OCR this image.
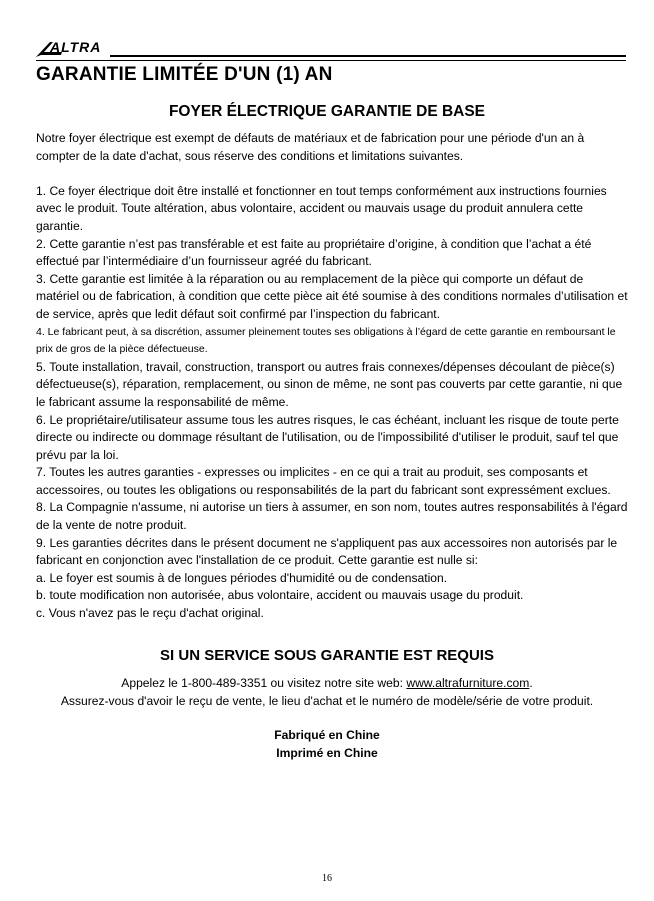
ALTRA
GARANTIE LIMITÉE D'UN (1) AN
FOYER ÉLECTRIQUE GARANTIE DE BASE

Notre foyer électrique est exempt de défauts de matériaux et de fabrication pour une période d'un an à compter de la date d'achat, sous réserve des conditions et limitations suivantes.

1. Ce foyer électrique doit être installé et fonctionner en tout temps conformément aux instructions fournies avec le produit. Toute altération, abus volontaire, accident ou mauvais usage du produit annulera cette garantie.

2. Cette garantie n’est pas transférable et est faite au propriétaire d’origine, à condition que l’achat a été effectué par l’intermédiaire d’un fournisseur agréé du fabricant.

3. Cette garantie est limitée à la réparation ou au remplacement de la pièce qui comporte un défaut de matériel ou de fabrication, à condition que cette pièce ait été soumise à des conditions normales d’utilisation et de service, après que ledit défaut soit confirmé par l’inspection du fabricant.

4. Le fabricant peut, à sa discrétion, assumer pleinement toutes ses obligations à l’égard de cette garantie en remboursant le prix de gros de la pièce défectueuse.

5. Toute installation, travail, construction, transport ou autres frais connexes/dépenses découlant de pièce(s) défectueuse(s), réparation, remplacement, ou sinon de même, ne sont pas couverts par cette garantie, ni que le fabricant assume la responsabilité de même.

6. Le propriétaire/utilisateur assume tous les autres risques, le cas échéant, incluant les risque de toute perte directe ou indirecte ou dommage résultant de l'utilisation, ou de l'impossibilité d'utiliser le produit, sauf tel que prévu par la loi.

7. Toutes les autres garanties - expresses ou implicites - en ce qui a trait au produit, ses composants et accessoires, ou toutes les obligations ou responsabilités de la part du fabricant sont expressément exclues.

8. La Compagnie n'assume, ni autorise un tiers à assumer, en son nom, toutes autres responsabilités à l'égard de la vente de notre produit.

9. Les garanties décrites dans le présent document ne s'appliquent pas aux accessoires non autorisés par le fabricant en conjonction avec l'installation de ce produit. Cette garantie est nulle si:

a. Le foyer est soumis à de longues périodes d'humidité ou de condensation.

b. toute modification non autorisée, abus volontaire, accident ou mauvais usage du produit.

c. Vous n'avez pas le reçu d'achat original.

SI UN SERVICE SOUS GARANTIE EST REQUIS

Appelez le 1-800-489-3351 ou visitez notre site web: www.altrafurniture.com.

Assurez-vous d'avoir le reçu de vente, le lieu d'achat et le numéro de modèle/série de votre produit.

Fabriqué en Chine

Imprimé en Chine

16
